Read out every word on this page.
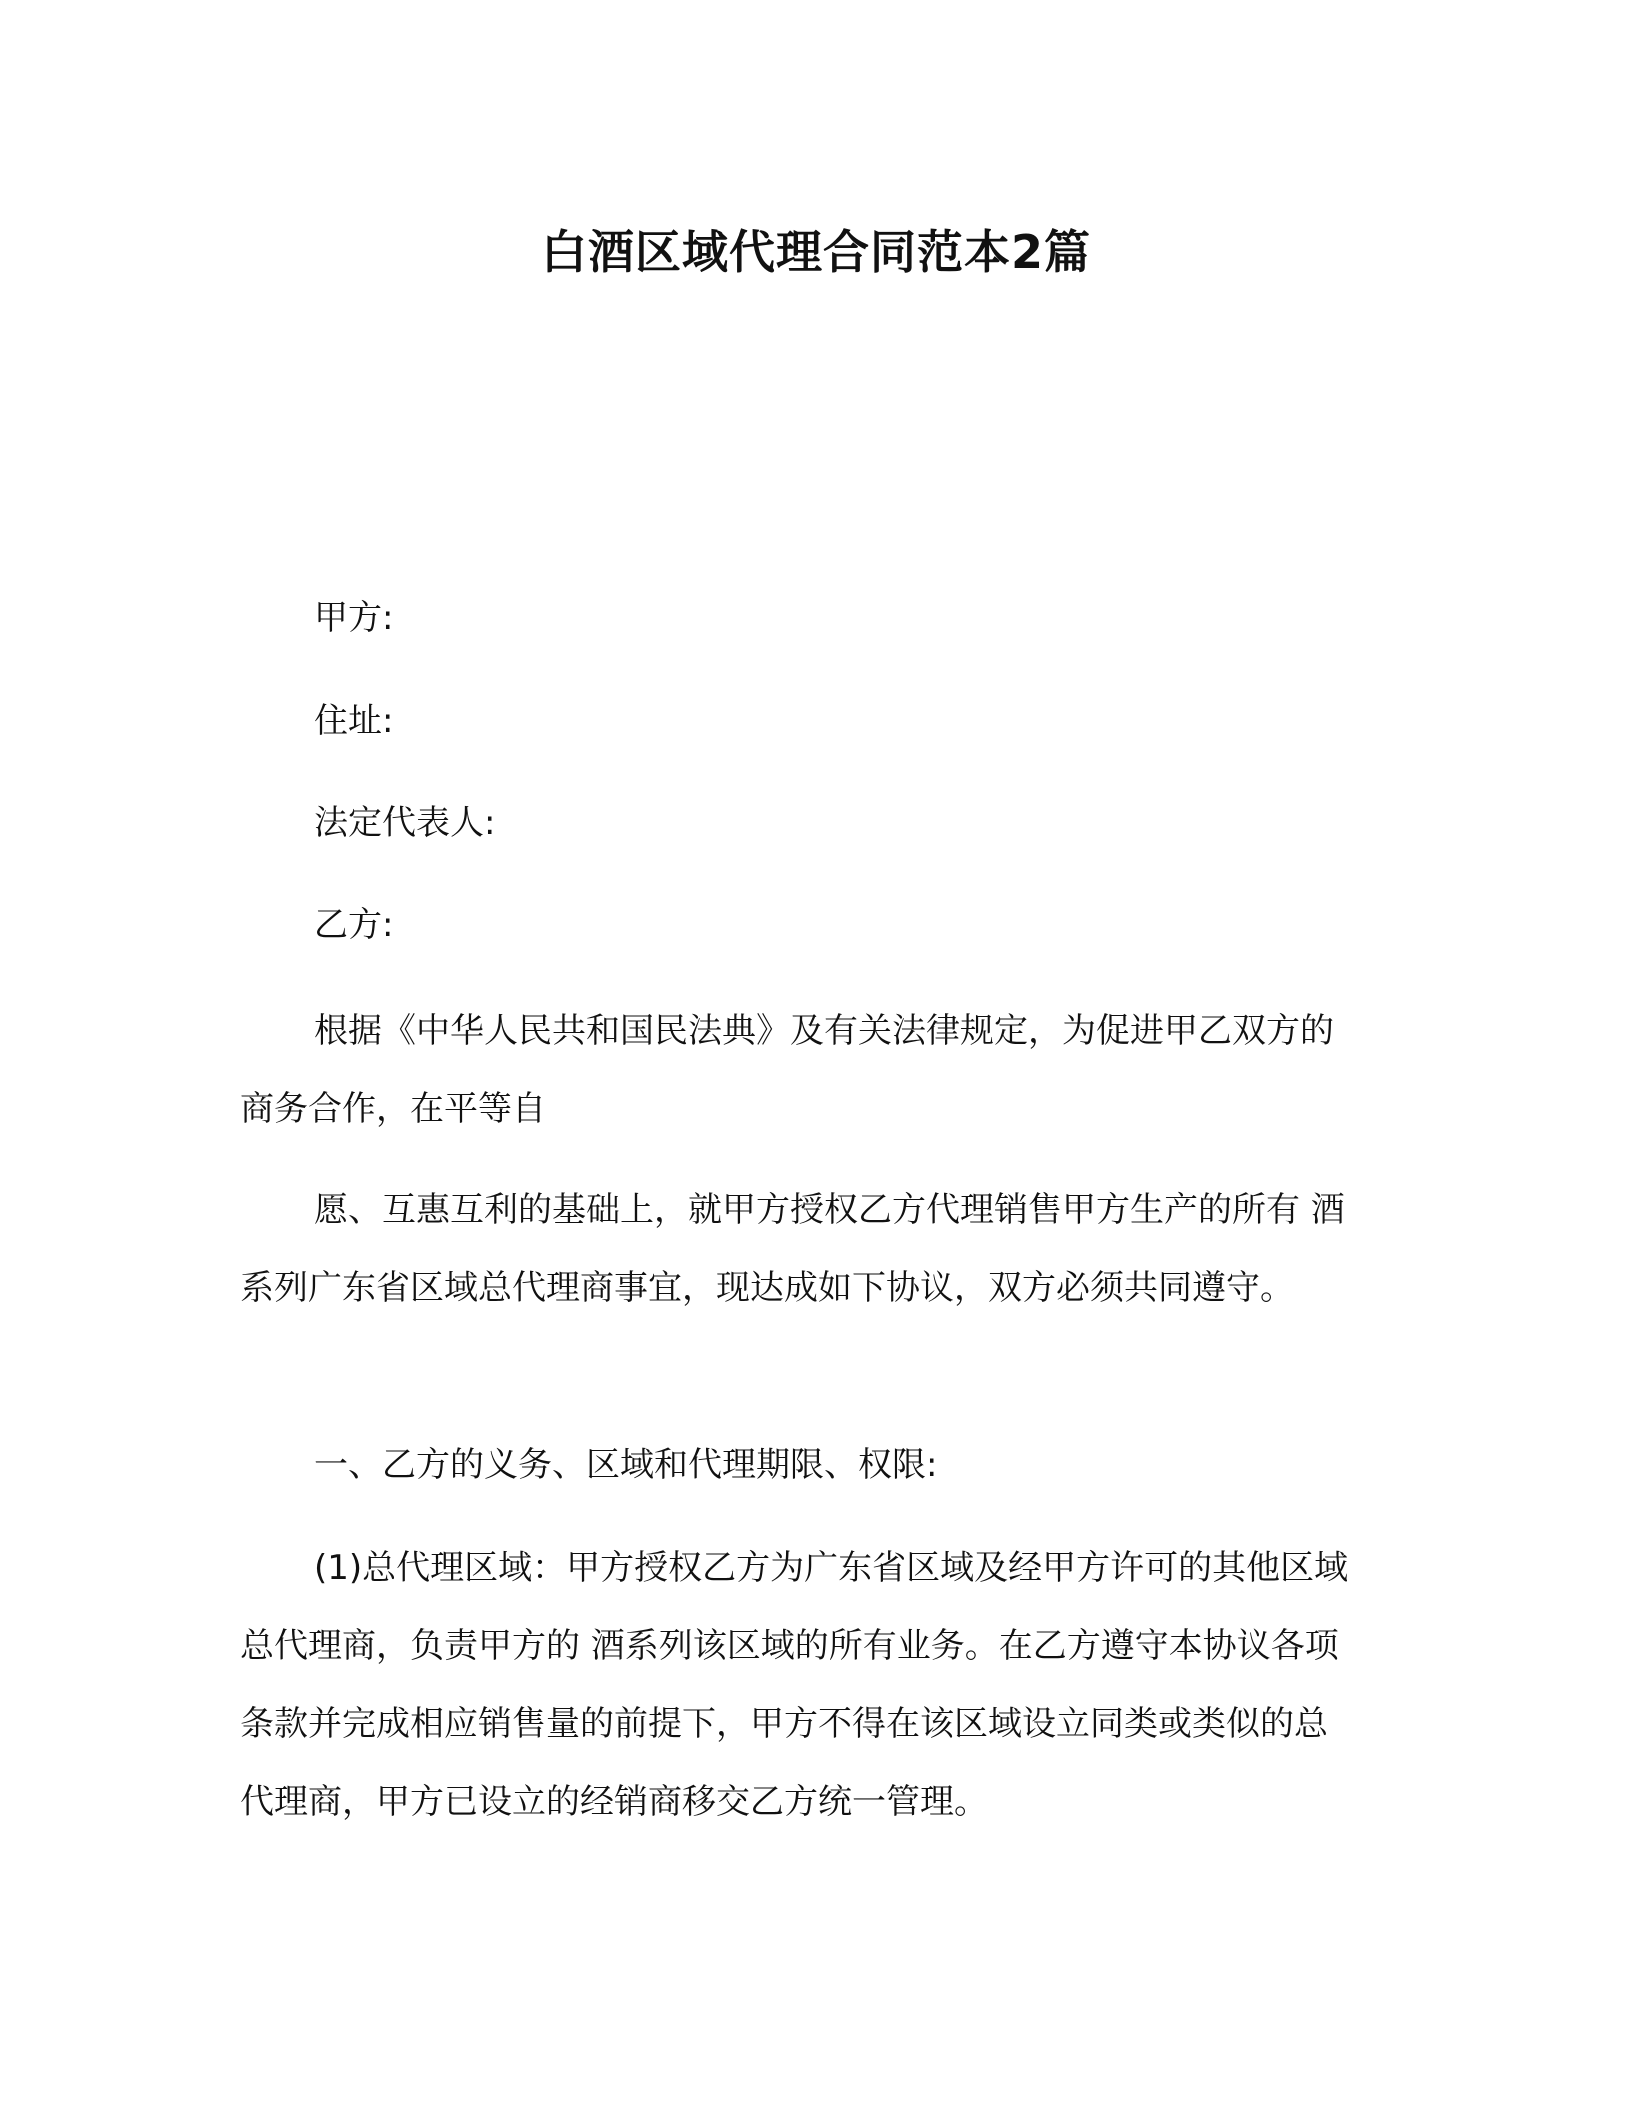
白酒区域代理合同范本2篇

甲方:

住址:

法定代表人:

乙方:

根据《中华人民共和国民法典》及有关法律规定，为促进甲乙双方的商务合作，在平等自

愿、互惠互利的基础上，就甲方授权乙方代理销售甲方生产的所有 酒系列广东省区域总代理商事宜，现达成如下协议，双方必须共同遵守。

一、乙方的义务、区域和代理期限、权限:

(1)总代理区域：甲方授权乙方为广东省区域及经甲方许可的其他区域总代理商，负责甲方的 酒系列该区域的所有业务。在乙方遵守本协议各项条款并完成相应销售量的前提下，甲方不得在该区域设立同类或类似的总代理商，甲方已设立的经销商移交乙方统一管理。
